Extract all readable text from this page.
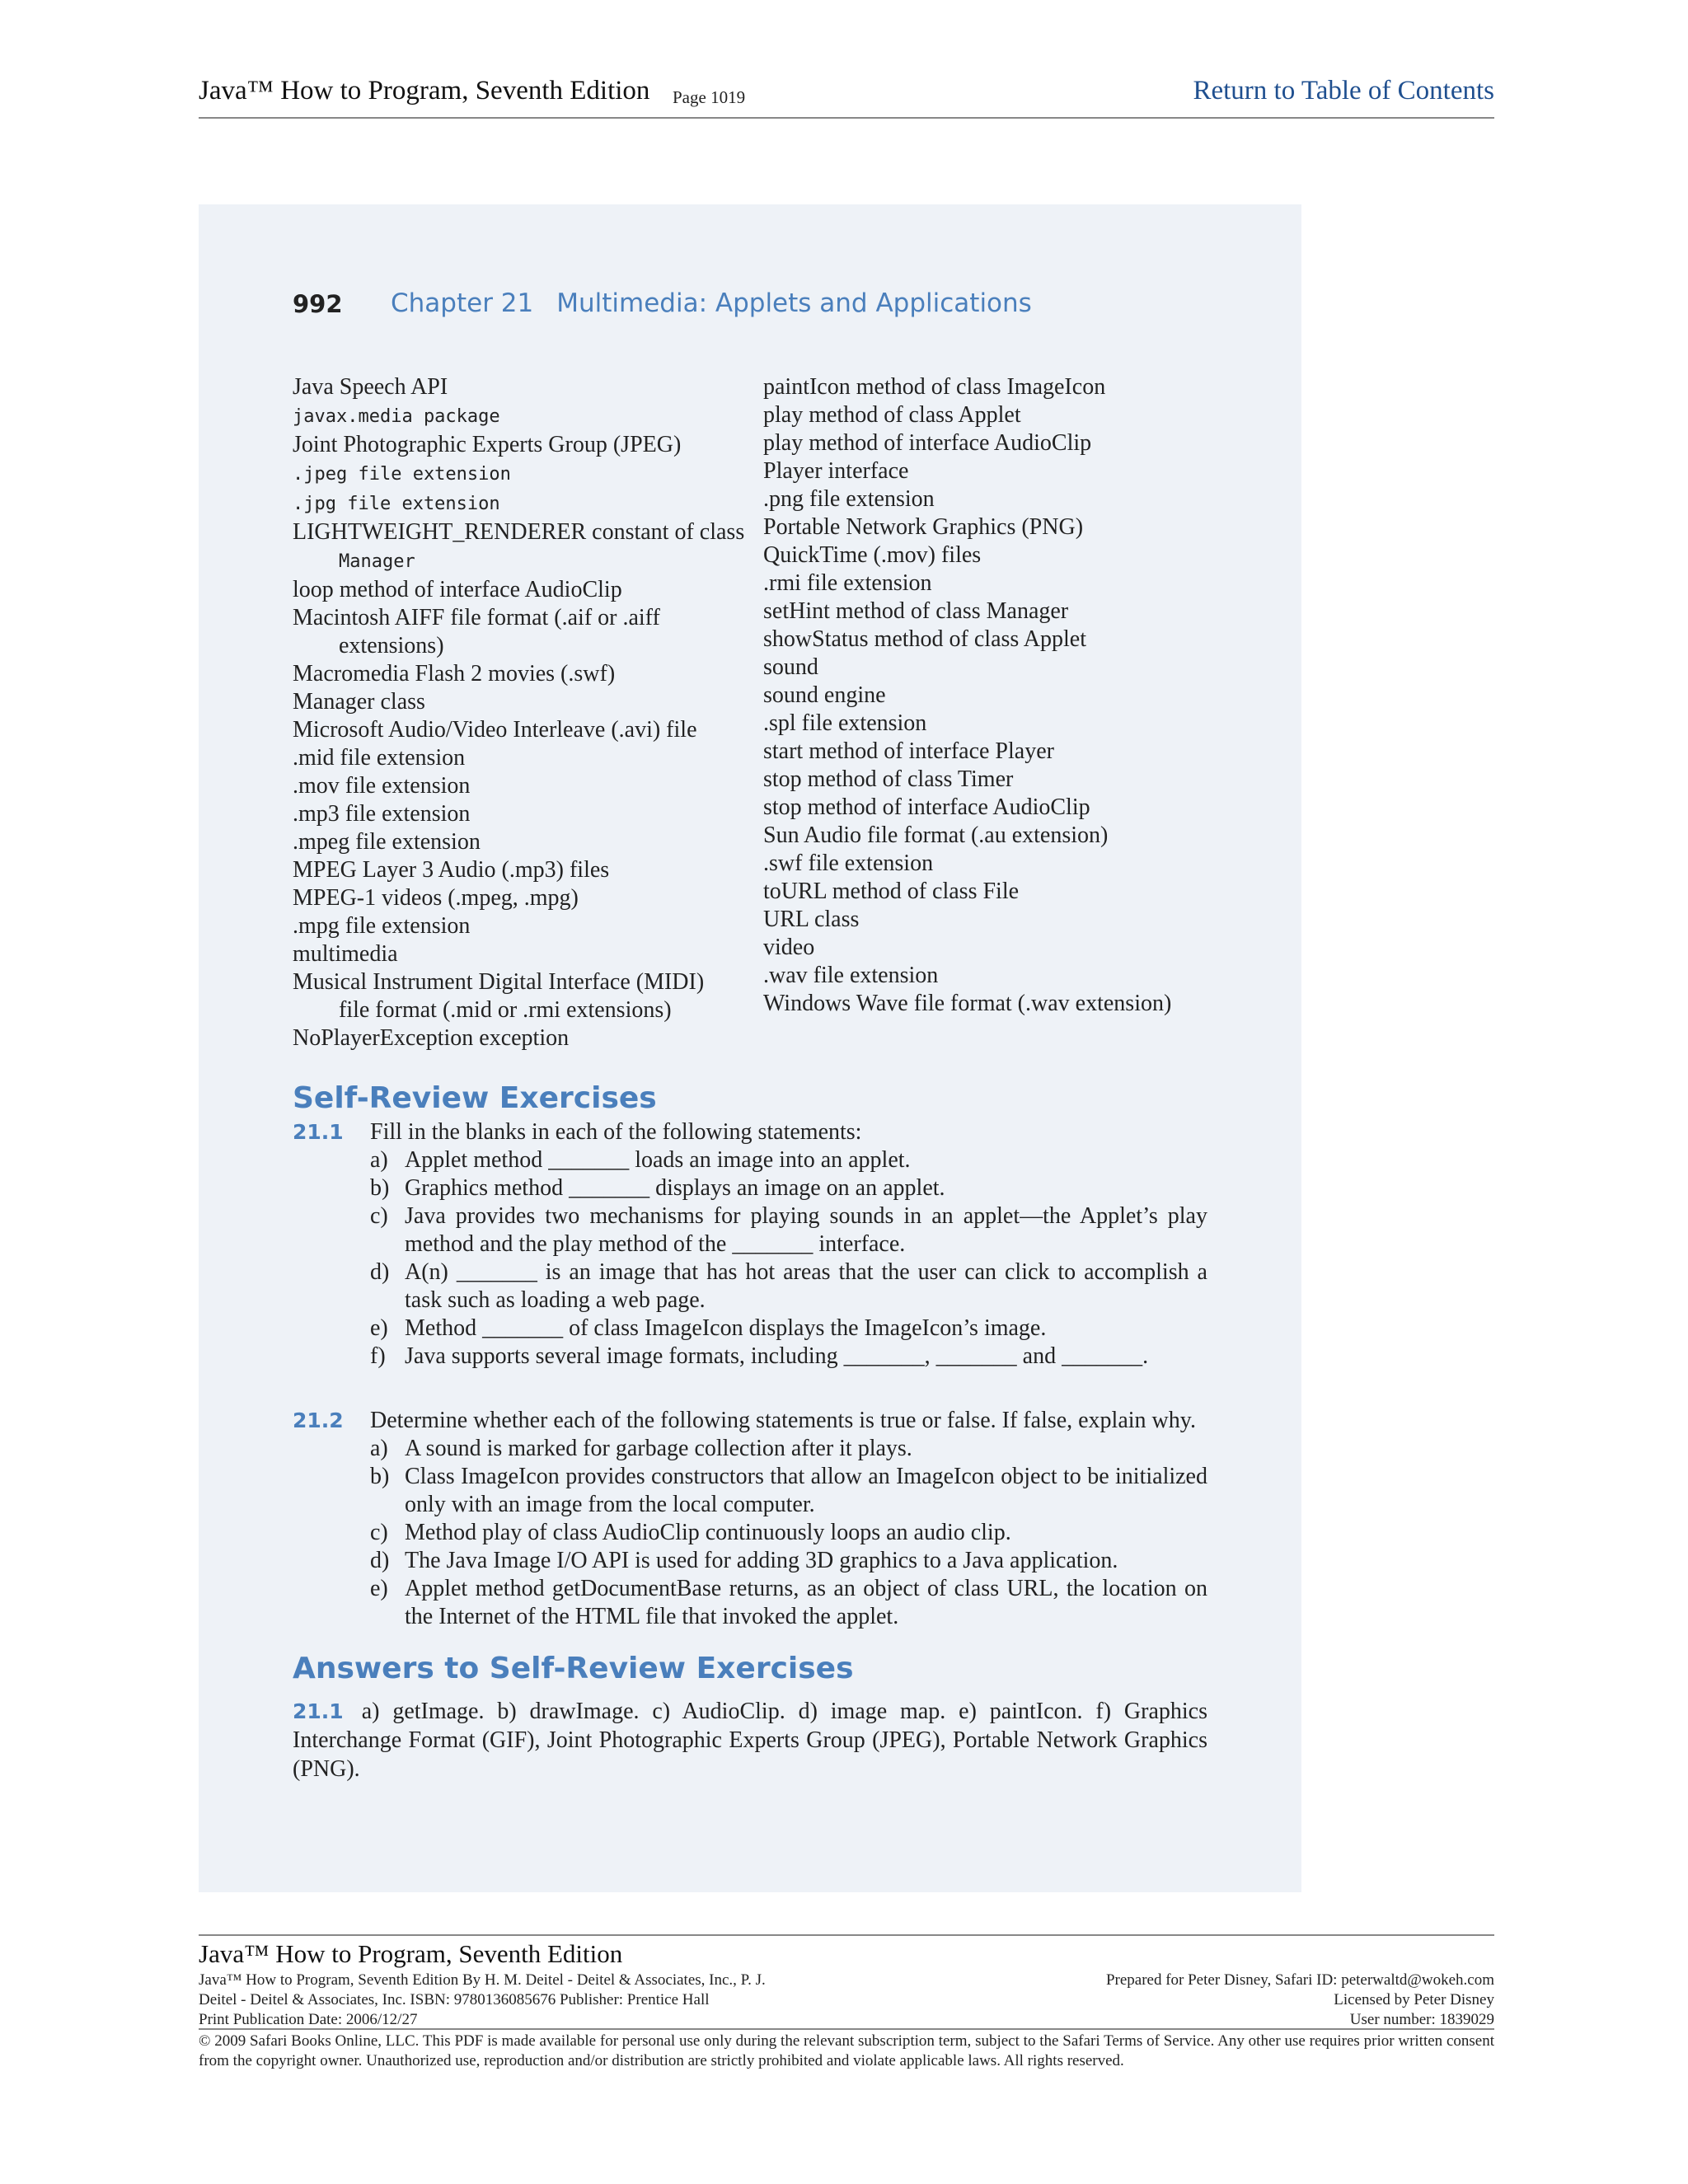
Java™ How to Program, Seventh Edition Page 1019	Return to Table of Contents
992 Chapter 21 Multimedia: Applets and Applications
Java Speech API
javax.media package
Joint Photographic Experts Group (JPEG)
.jpeg file extension
.jpg file extension
LIGHTWEIGHT_RENDERER constant of class
Manager
loop method of interface AudioClip
Macintosh AIFF file format (.aif or .aiff
extensions)
Macromedia Flash 2 movies (.swf)
Manager class
Microsoft Audio/Video Interleave (.avi) file
.mid file extension
.mov file extension
.mp3 file extension
.mpeg file extension
MPEG Layer 3 Audio (.mp3) files
MPEG-1 videos (.mpeg, .mpg)
.mpg file extension
multimedia
Musical Instrument Digital Interface (MIDI)
file format (.mid or .rmi extensions)
NoPlayerException exception
paintIcon method of class ImageIcon
play method of class Applet
play method of interface AudioClip
Player interface
.png file extension
Portable Network Graphics (PNG)
QuickTime (.mov) files
.rmi file extension
setHint method of class Manager
showStatus method of class Applet
sound
sound engine
.spl file extension
start method of interface Player
stop method of class Timer
stop method of interface AudioClip
Sun Audio file format (.au extension)
.swf file extension
toURL method of class File
URL class
video
.wav file extension
Windows Wave file format (.wav extension)
Self-Review Exercises
21.1	Fill in the blanks in each of the following statements:
a) Applet method _______ loads an image into an applet.
b) Graphics method _______ displays an image on an applet.
c) Java provides two mechanisms for playing sounds in an applet—the Applet’s play method and the play method of the _______ interface.
d) A(n) _______ is an image that has hot areas that the user can click to accomplish a task such as loading a web page.
e) Method _______ of class ImageIcon displays the ImageIcon’s image.
f) Java supports several image formats, including _______, _______ and _______.
21.2	Determine whether each of the following statements is true or false. If false, explain why.
a) A sound is marked for garbage collection after it plays.
b) Class ImageIcon provides constructors that allow an ImageIcon object to be initialized only with an image from the local computer.
c) Method play of class AudioClip continuously loops an audio clip.
d) The Java Image I/O API is used for adding 3D graphics to a Java application.
e) Applet method getDocumentBase returns, as an object of class URL, the location on the Internet of the HTML file that invoked the applet.
Answers to Self-Review Exercises
21.1 a) getImage. b) drawImage. c) AudioClip. d) image map. e) paintIcon. f) Graphics Interchange Format (GIF), Joint Photographic Experts Group (JPEG), Portable Network Graphics (PNG).
Java™ How to Program, Seventh Edition
Java™ How to Program, Seventh Edition By H. M. Deitel - Deitel & Associates, Inc., P. J.
Deitel - Deitel & Associates, Inc. ISBN: 9780136085676 Publisher: Prentice Hall
Print Publication Date: 2006/12/27
Prepared for Peter Disney, Safari ID: peterwaltd@wokeh.com
Licensed by Peter Disney
User number: 1839029
© 2009 Safari Books Online, LLC. This PDF is made available for personal use only during the relevant subscription term, subject to the Safari Terms of Service. Any other use requires prior written consent from the copyright owner. Unauthorized use, reproduction and/or distribution are strictly prohibited and violate applicable laws. All rights reserved.
